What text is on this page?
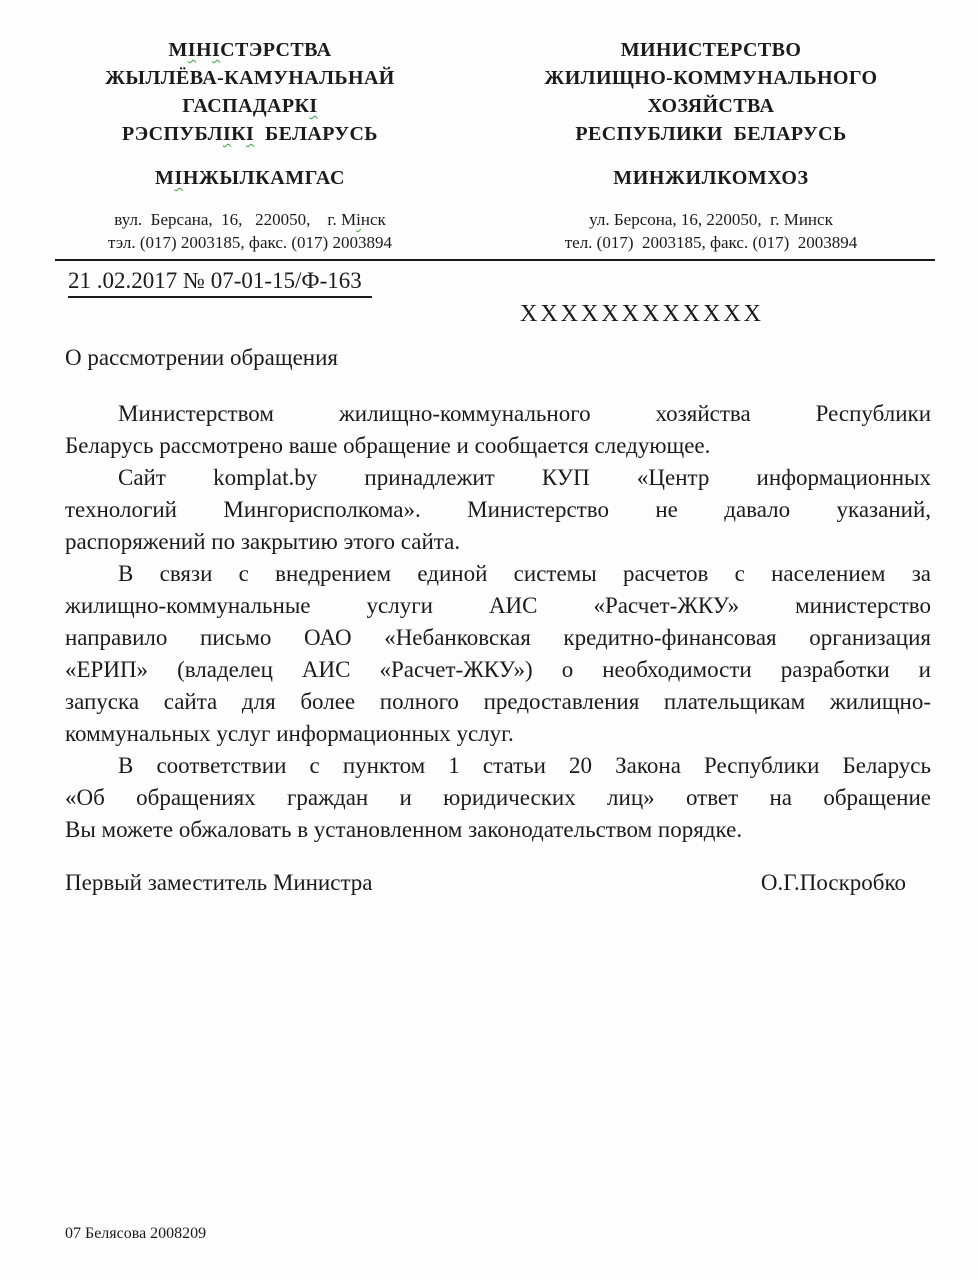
МІНІСТЭРСТВА
ЖЫЛЛЁВА-КАМУНАЛЬНАЙ
ГАСПАДАРКІ
РЭСПУБЛІКІ  БЕЛАРУСЬ
МІНЖЫЛКАМГАС
вул.  Берсана,  16,   220050,    г. Мінск
тэл. (017) 2003185, факс. (017) 2003894
МИНИСТЕРСТВО
ЖИЛИЩНО-КОММУНАЛЬНОГО
ХОЗЯЙСТВА
РЕСПУБЛИКИ  БЕЛАРУСЬ
МИНЖИЛКОМХОЗ
ул. Берсона, 16, 220050,  г. Минск
тел. (017)  2003185, факс. (017)  2003894
21 .02.2017 № 07-01-15/Ф-163
ХХХХХХХХХХХХ
О рассмотрении обращения
Министерством жилищно-коммунального хозяйства Республики
Беларусь рассмотрено ваше обращение и сообщается следующее.
Сайт komplat.by принадлежит КУП «Центр информационных
технологий Мингорисполкома». Министерство не давало указаний,
распоряжений по закрытию этого сайта.
В связи с внедрением единой системы расчетов с населением за
жилищно-коммунальные услуги АИС «Расчет-ЖКУ» министерство
направило письмо ОАО «Небанковская кредитно-финансовая организация
«ЕРИП» (владелец АИС «Расчет-ЖКУ») о необходимости разработки и
запуска сайта для более полного предоставления плательщикам жилищно-
коммунальных услуг информационных услуг.
В соответствии с пунктом 1 статьи 20 Закона Республики Беларусь
«Об обращениях граждан и юридических лиц» ответ на обращение
Вы можете обжаловать в установленном законодательством порядке.
Первый заместитель Министра	О.Г.Поскробко
07 Белясова 2008209
